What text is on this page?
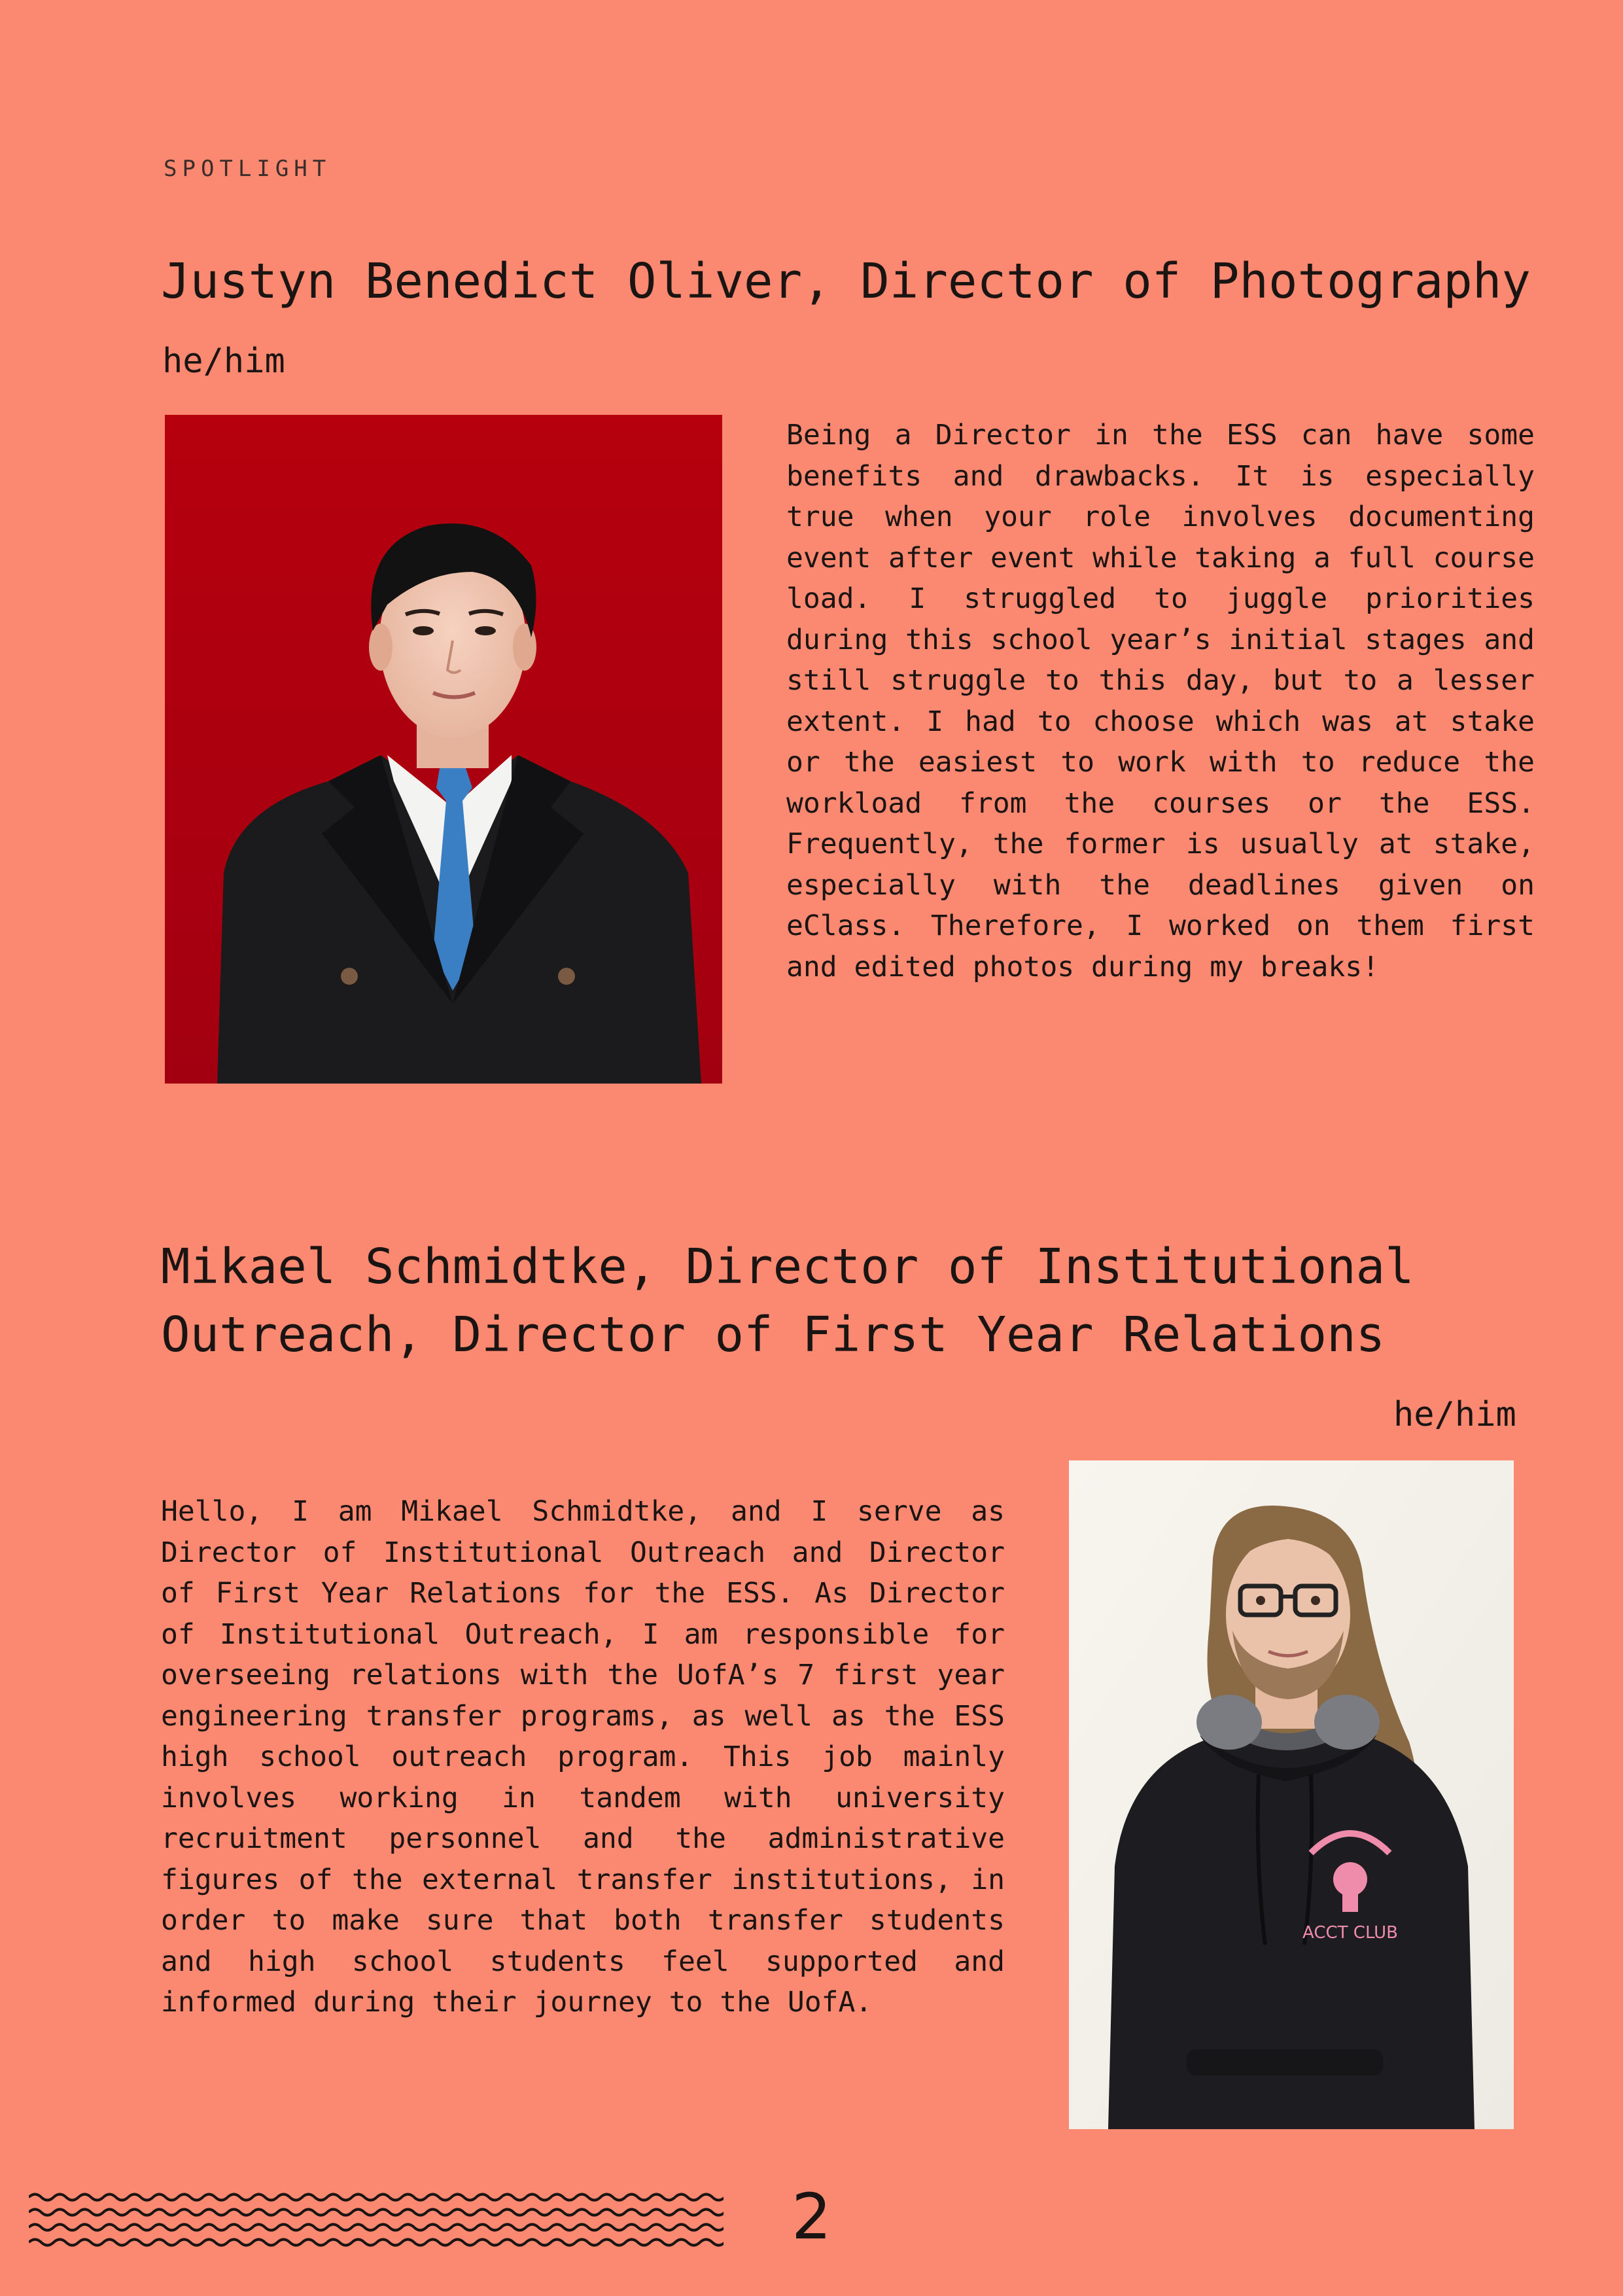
SPOTLIGHT
Justyn Benedict Oliver, Director of Photography
he/him

Being a Director in the ESS can have some benefits and drawbacks. It is especially true when your role involves documenting event after event while taking a full course load. I struggled to juggle priorities during this school year’s initial stages and still struggle to this day, but to a lesser extent. I had to choose which was at stake or the easiest to work with to reduce the workload from the courses or the ESS. Frequently, the former is usually at stake, especially with the deadlines given on eClass. Therefore, I worked on them first and edited photos during my breaks!

Mikael Schmidtke, Director of Institutional
Outreach, Director of First Year Relations
he/him

Hello, I am Mikael Schmidtke, and I serve as Director of Institutional Outreach and Director of First Year Relations for the ESS. As Director of Institutional Outreach, I am responsible for overseeing relations with the UofA’s 7 first year engineering transfer programs, as well as the ESS high school outreach program. This job mainly involves working in tandem with university recruitment personnel and the administrative figures of the external transfer institutions, in order to make sure that both transfer students and high school students feel supported and informed during their journey to the UofA.

ACCT CLUB
2
